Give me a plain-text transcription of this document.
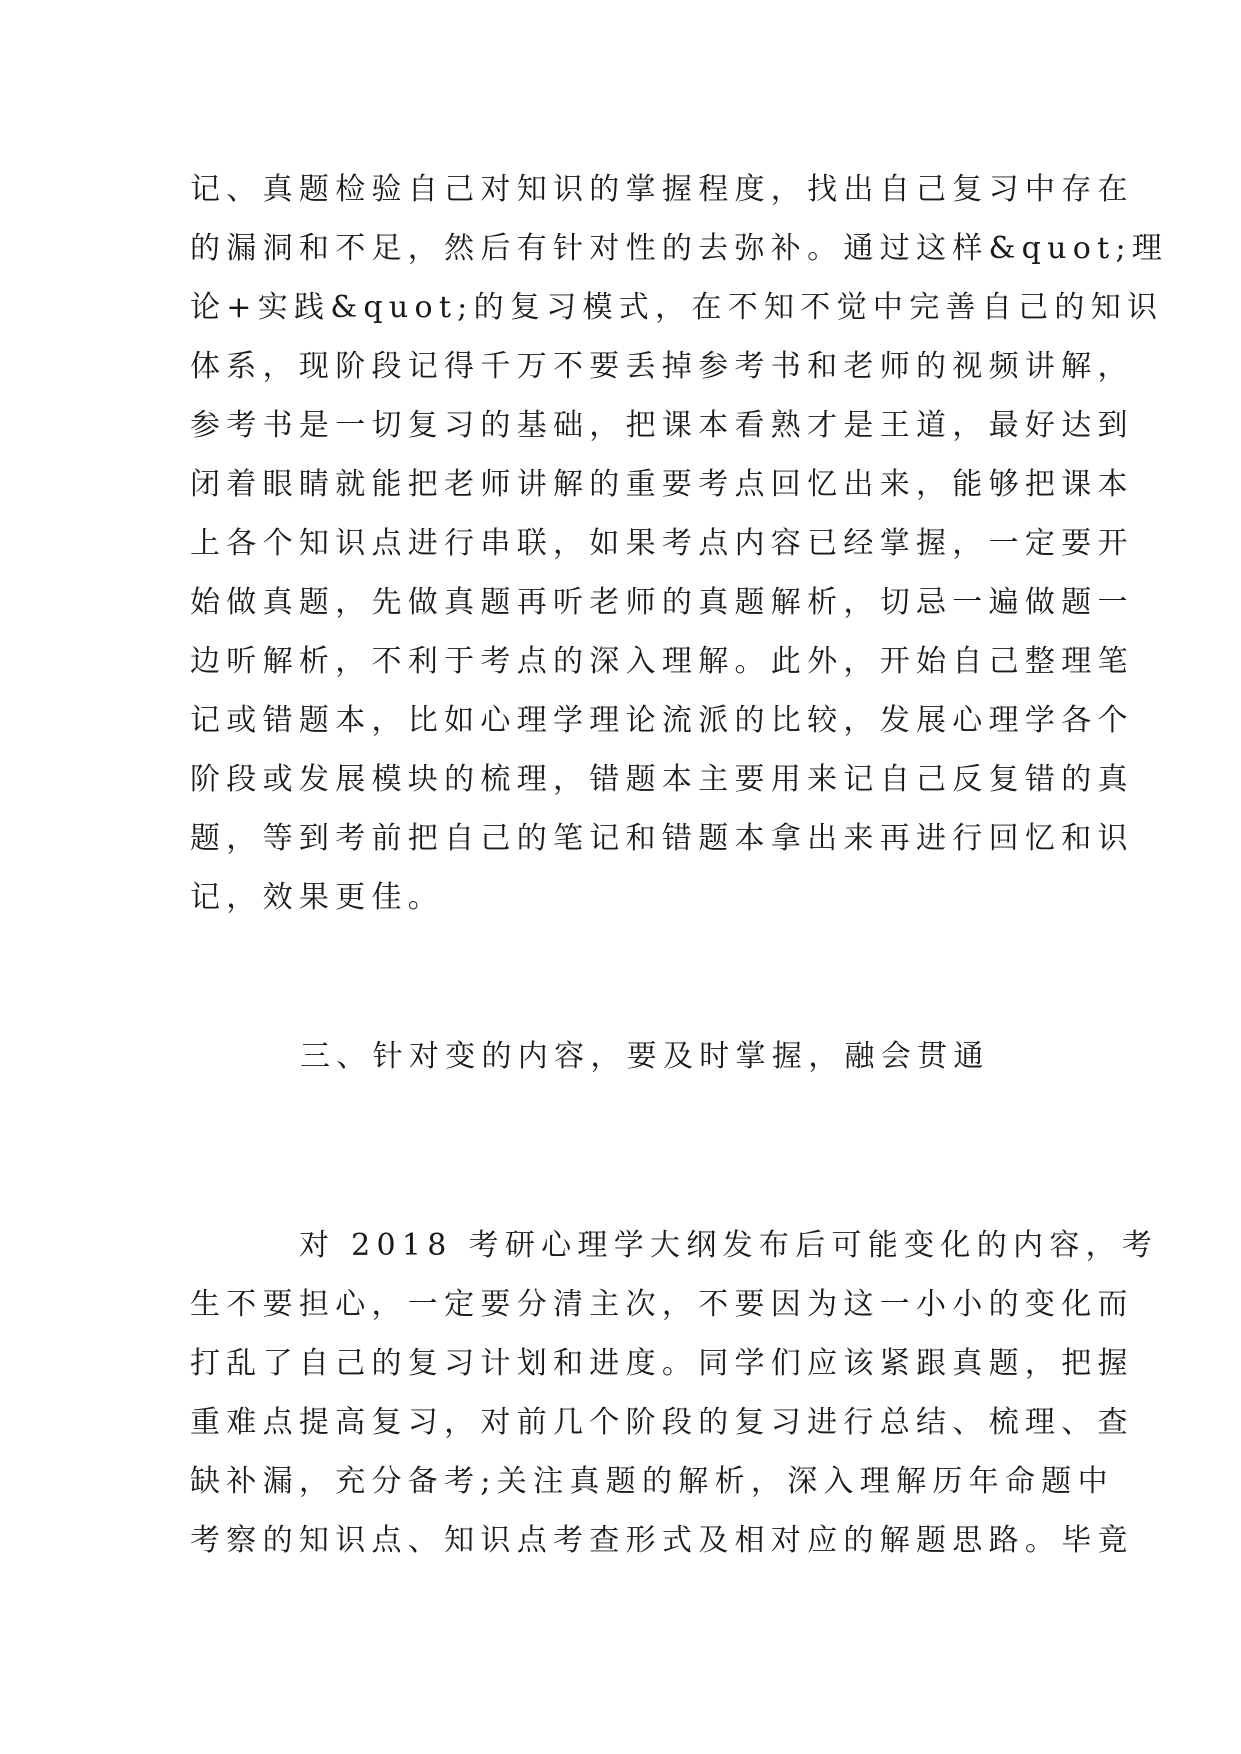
记、真题检验自己对知识的掌握程度，找出自己复习中存在
的漏洞和不足，然后有针对性的去弥补。通过这样&quot;理
论+实践&quot;的复习模式，在不知不觉中完善自己的知识
体系，现阶段记得千万不要丢掉参考书和老师的视频讲解，
参考书是一切复习的基础，把课本看熟才是王道，最好达到
闭着眼睛就能把老师讲解的重要考点回忆出来，能够把课本
上各个知识点进行串联，如果考点内容已经掌握，一定要开
始做真题，先做真题再听老师的真题解析，切忌一遍做题一
边听解析，不利于考点的深入理解。此外，开始自己整理笔
记或错题本，比如心理学理论流派的比较，发展心理学各个
阶段或发展模块的梳理，错题本主要用来记自己反复错的真
题，等到考前把自己的笔记和错题本拿出来再进行回忆和识
记，效果更佳。
三、针对变的内容，要及时掌握，融会贯通
对 2018 考研心理学大纲发布后可能变化的内容，考
生不要担心，一定要分清主次，不要因为这一小小的变化而
打乱了自己的复习计划和进度。同学们应该紧跟真题，把握
重难点提高复习，对前几个阶段的复习进行总结、梳理、查
缺补漏，充分备考;关注真题的解析，深入理解历年命题中
考察的知识点、知识点考查形式及相对应的解题思路。毕竟
